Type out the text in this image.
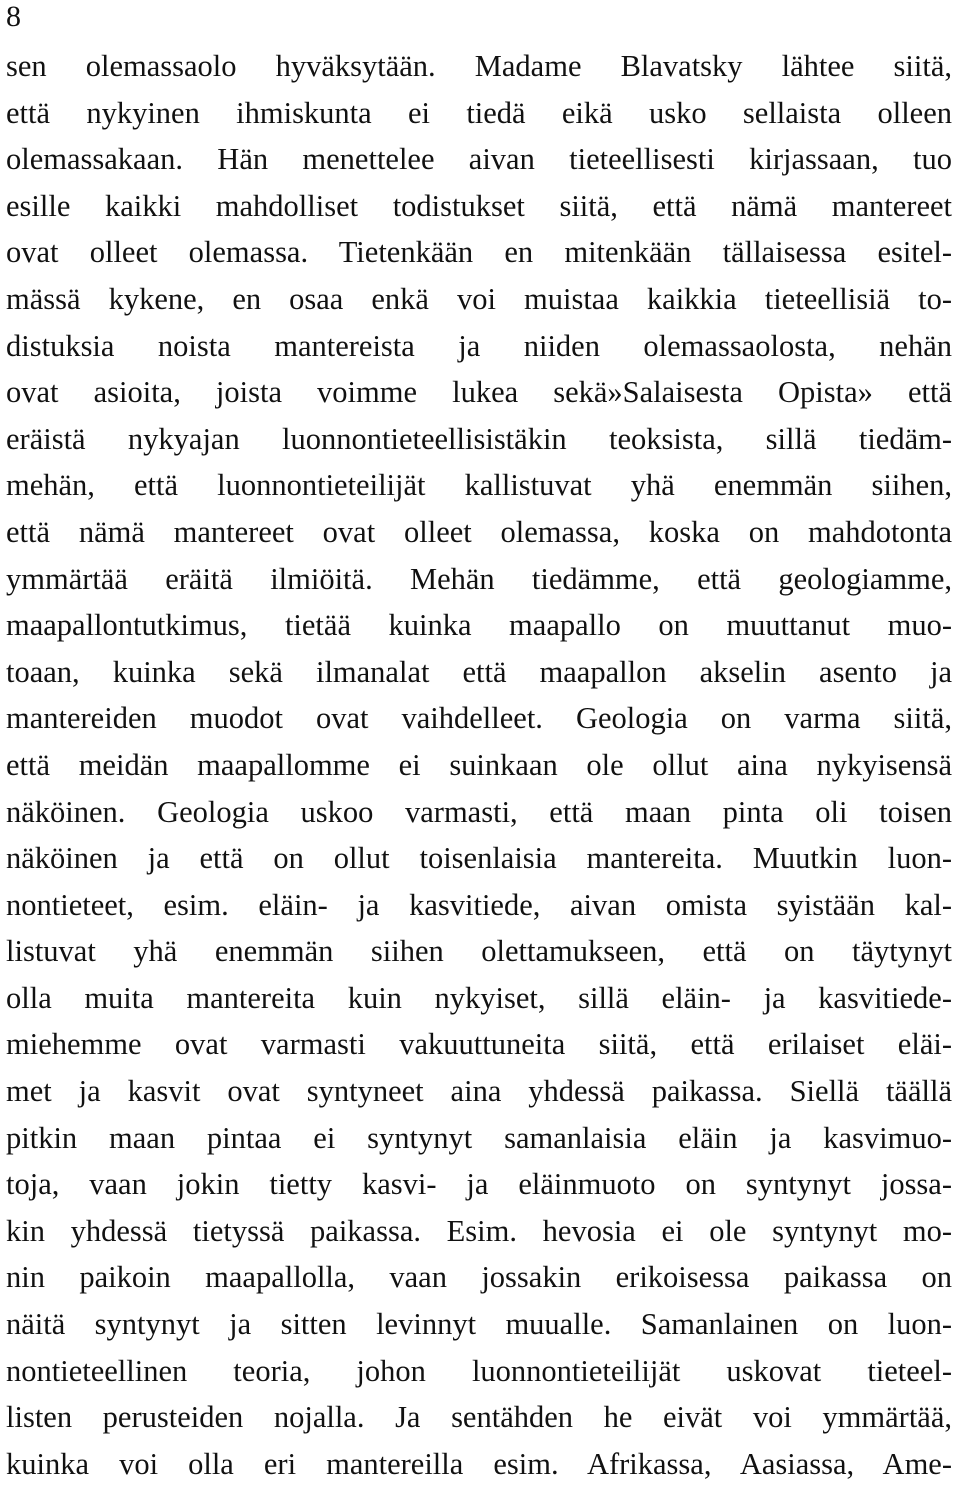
8
sen olemassaolo hyväksytään. Madame Blavatsky lähtee siitä,
että nykyinen ihmiskunta ei tiedä eikä usko sellaista olleen
olemassakaan. Hän menettelee aivan tieteellisesti kirjassaan, tuo
esille kaikki mahdolliset todistukset siitä, että nämä mantereet
ovat olleet olemassa. Tietenkään en mitenkään tällaisessa esitel-
mässä kykene, en osaa enkä voi muistaa kaikkia tieteellisiä to-
distuksia noista mantereista ja niiden olemassaolosta, nehän
ovat asioita, joista voimme lukea sekä»Salaisesta Opista» että
eräistä nykyajan luonnontieteellisistäkin teoksista, sillä tiedäm-
mehän, että luonnontieteilijät kallistuvat yhä enemmän siihen,
että nämä mantereet ovat olleet olemassa, koska on mahdotonta
ymmärtää eräitä ilmiöitä. Mehän tiedämme, että geologiamme,
maapallontutkimus, tietää kuinka maapallo on muuttanut muo-
toaan, kuinka sekä ilmanalat että maapallon akselin asento ja
mantereiden muodot ovat vaihdelleet. Geologia on varma siitä,
että meidän maapallomme ei suinkaan ole ollut aina nykyisensä
näköinen. Geologia uskoo varmasti, että maan pinta oli toisen
näköinen ja että on ollut toisenlaisia mantereita. Muutkin luon-
nontieteet, esim. eläin- ja kasvitiede, aivan omista syistään kal-
listuvat yhä enemmän siihen olettamukseen, että on täytynyt
olla muita mantereita kuin nykyiset, sillä eläin- ja kasvitiede-
miehemme ovat varmasti vakuuttuneita siitä, että erilaiset eläi-
met ja kasvit ovat syntyneet aina yhdessä paikassa. Siellä täällä
pitkin maan pintaa ei syntynyt samanlaisia eläin ja kasvimuo-
toja, vaan jokin tietty kasvi- ja eläinmuoto on syntynyt jossa-
kin yhdessä tietyssä paikassa. Esim. hevosia ei ole syntynyt mo-
nin paikoin maapallolla, vaan jossakin erikoisessa paikassa on
näitä syntynyt ja sitten levinnyt muualle. Samanlainen on luon-
nontieteellinen teoria, johon luonnontieteilijät uskovat tieteel-
listen perusteiden nojalla. Ja sentähden he eivät voi ymmärtää,
kuinka voi olla eri mantereilla esim. Afrikassa, Aasiassa, Ame-
